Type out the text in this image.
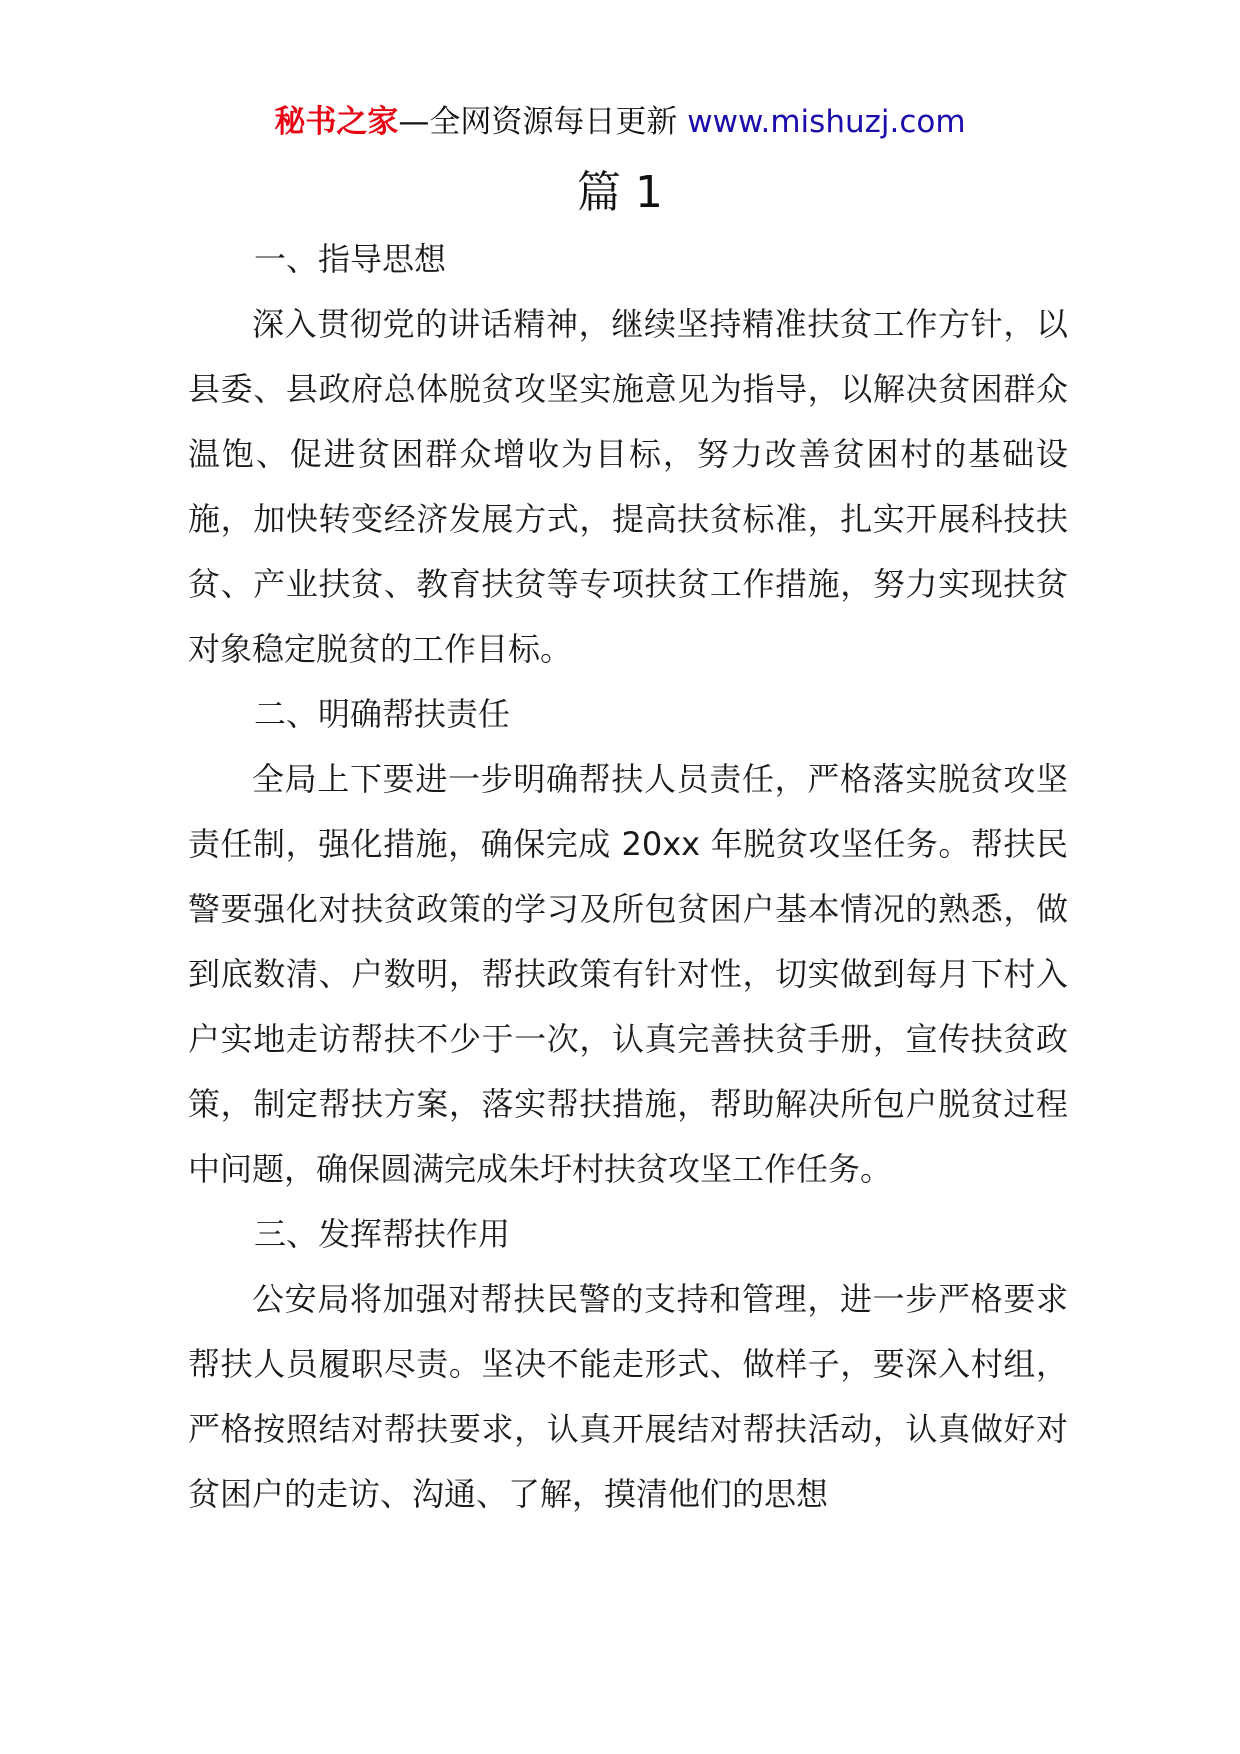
秘书之家—全网资源每日更新 www.mishuzj.com
篇 1

一、指导思想

深入贯彻党的讲话精神，继续坚持精准扶贫工作方针，以县委、县政府总体脱贫攻坚实施意见为指导，以解决贫困群众温饱、促进贫困群众增收为目标，努力改善贫困村的基础设施，加快转变经济发展方式，提高扶贫标准，扎实开展科技扶贫、产业扶贫、教育扶贫等专项扶贫工作措施，努力实现扶贫对象稳定脱贫的工作目标。

二、明确帮扶责任

全局上下要进一步明确帮扶人员责任，严格落实脱贫攻坚责任制，强化措施，确保完成 20xx 年脱贫攻坚任务。帮扶民警要强化对扶贫政策的学习及所包贫困户基本情况的熟悉，做到底数清、户数明，帮扶政策有针对性，切实做到每月下村入户实地走访帮扶不少于一次，认真完善扶贫手册，宣传扶贫政策，制定帮扶方案，落实帮扶措施，帮助解决所包户脱贫过程中问题，确保圆满完成朱圩村扶贫攻坚工作任务。

三、发挥帮扶作用

公安局将加强对帮扶民警的支持和管理，进一步严格要求帮扶人员履职尽责。坚决不能走形式、做样子，要深入村组，严格按照结对帮扶要求，认真开展结对帮扶活动，认真做好对贫困户的走访、沟通、了解，摸清他们的思想
